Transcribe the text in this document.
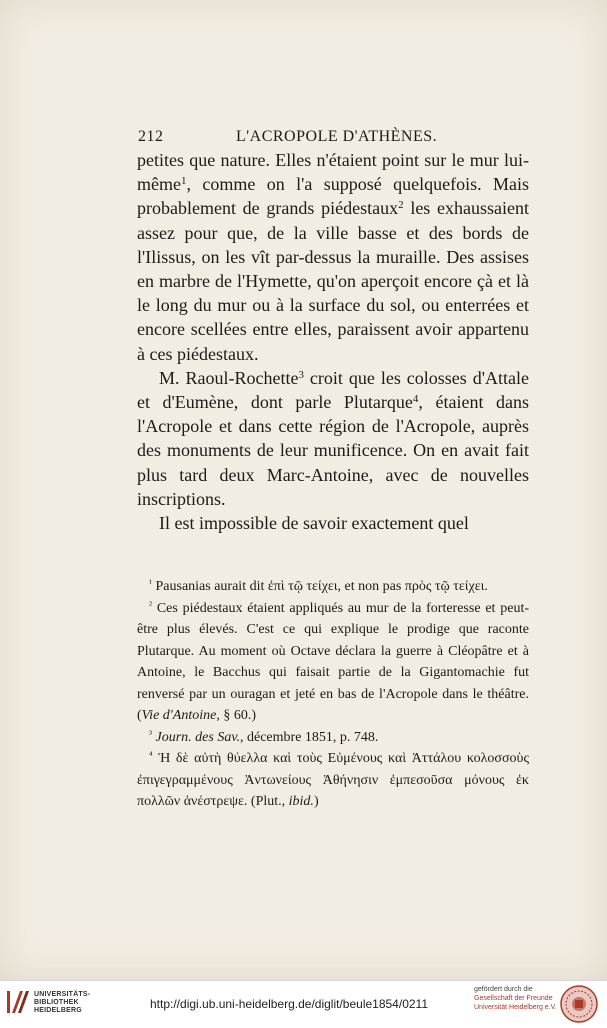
212	L'ACROPOLE D'ATHÈNES.

petites que nature. Elles n'étaient point sur le mur lui-même$^1$, comme on l'a supposé quelquefois. Mais probablement de grands piédestaux$^2$ les exhaussaient assez pour que, de la ville basse et des bords de l'Ilissus, on les vît par-dessus la muraille. Des assises en marbre de l'Hymette, qu'on aperçoit encore çà et là le long du mur ou à la surface du sol, ou enterrées et encore scellées entre elles, paraissent avoir appartenu à ces piédestaux.

M. Raoul-Rochette$^3$ croit que les colosses d'Attale et d'Eumène, dont parle Plutarque$^4$, étaient dans l'Acropole et dans cette région de l'Acropole, auprès des monuments de leur munificence. On en avait fait plus tard deux Marc-Antoine, avec de nouvelles inscriptions.

Il est impossible de savoir exactement quel

$^{^1}$ Pausanias aurait dit ἐπὶ τῷ τείχει, et non pas πρὸς τῷ τείχει.

$^{^2}$ Ces piédestaux étaient appliqués au mur de la forteresse et peut-être plus élevés. C'est ce qui explique le prodige que raconte Plutarque. Au moment où Octave déclara la guerre à Cléopâtre et à Antoine, le Bacchus qui faisait partie de la Gigantomachie fut renversé par un ouragan et jeté en bas de l'Acropole dans le théâtre. (Vie d'Antoine, § 60.)

$^{^3}$ Journ. des Sav., décembre 1851, p. 748.

$^{^4}$ Ἡ δὲ αὐτὴ θύελλα καὶ τοὺς Εὐμένους καὶ Ἀττάλου κολοσσοὺς ἐπιγεγραμμένους Ἀντωνείους Ἀθήνησιν ἐμπεσοῦσα μόνους ἐκ πολλῶν ἀνέστρεψε. (Plut., ibid.)

UNIVERSITÄTS-
BIBLIOTHEK
HEIDELBERG	http://digi.ub.uni-heidelberg.de/diglit/beule1854/0211
gefördert durch die
Gesellschaft der Freunde
Universität Heidelberg e.V.
